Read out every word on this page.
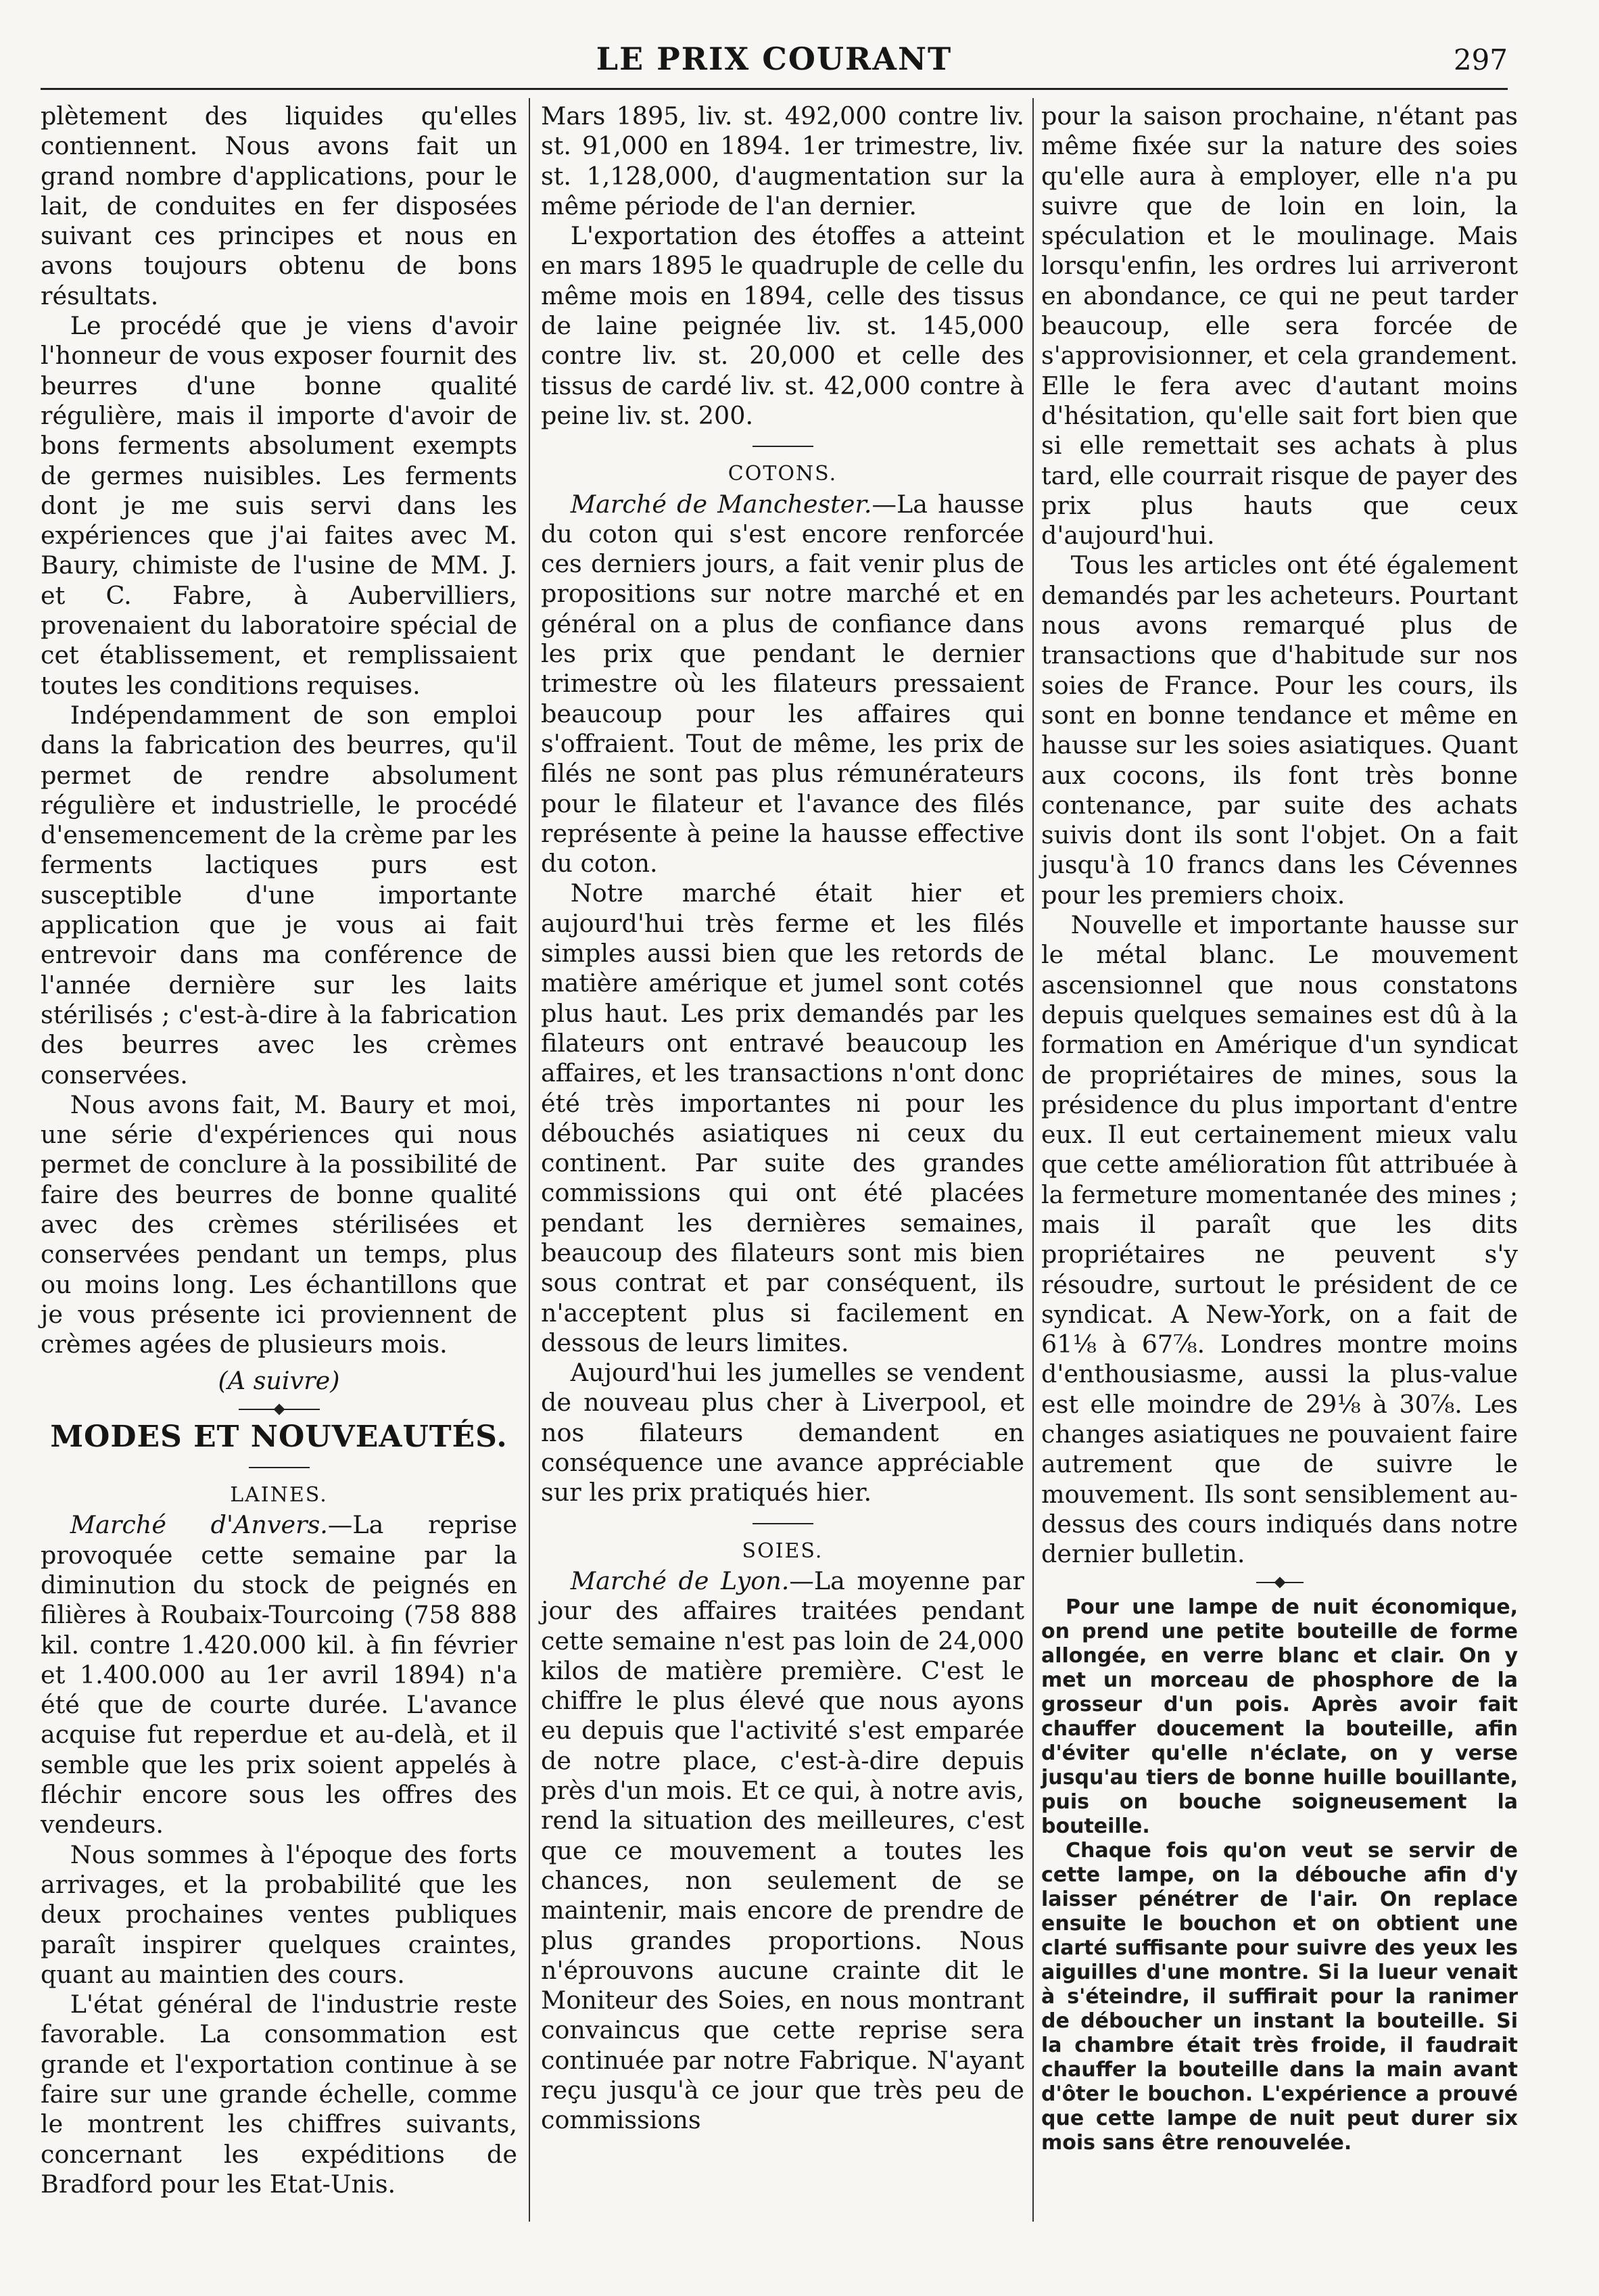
LE PRIX COURANT	297

plètement des liquides qu'elles contiennent. Nous avons fait un grand nombre d'applications, pour le lait, de conduites en fer disposées suivant ces principes et nous en avons toujours obtenu de bons résultats.

Le procédé que je viens d'avoir l'honneur de vous exposer fournit des beurres d'une bonne qualité régulière, mais il importe d'avoir de bons ferments absolument exempts de germes nuisibles. Les ferments dont je me suis servi dans les expériences que j'ai faites avec M. Baury, chimiste de l'usine de MM. J. et C. Fabre, à Aubervilliers, provenaient du laboratoire spécial de cet établissement, et remplissaient toutes les conditions requises.

Indépendamment de son emploi dans la fabrication des beurres, qu'il permet de rendre absolument régulière et industrielle, le procédé d'ensemencement de la crème par les ferments lactiques purs est susceptible d'une importante application que je vous ai fait entrevoir dans ma conférence de l'année dernière sur les laits stérilisés ; c'est-à-dire à la fabrication des beurres avec les crèmes conservées.

Nous avons fait, M. Baury et moi, une série d'expériences qui nous permet de conclure à la possibilité de faire des beurres de bonne qualité avec des crèmes stérilisées et conservées pendant un temps, plus ou moins long. Les échantillons que je vous présente ici proviennent de crèmes agées de plusieurs mois.

(A suivre)

MODES ET NOUVEAUTÉS.

LAINES.

Marché d'Anvers.—La reprise provoquée cette semaine par la diminution du stock de peignés en filières à Roubaix-Tourcoing (758 888 kil. contre 1.420.000 kil. à fin février et 1.400.000 au 1er avril 1894) n'a été que de courte durée. L'avance acquise fut reperdue et au-delà, et il semble que les prix soient appelés à fléchir encore sous les offres des vendeurs.

Nous sommes à l'époque des forts arrivages, et la probabilité que les deux prochaines ventes publiques paraît inspirer quelques craintes, quant au maintien des cours.

L'état général de l'industrie reste favorable. La consommation est grande et l'exportation continue à se faire sur une grande échelle, comme le montrent les chiffres suivants, concernant les expéditions de Bradford pour les Etat-Unis.

Mars 1895, liv. st. 492,000 contre liv. st. 91,000 en 1894. 1er trimestre, liv. st. 1,128,000, d'augmentation sur la même période de l'an dernier.

L'exportation des étoffes a atteint en mars 1895 le quadruple de celle du même mois en 1894, celle des tissus de laine peignée liv. st. 145,000 contre liv. st. 20,000 et celle des tissus de cardé liv. st. 42,000 contre à peine liv. st. 200.

COTONS.

Marché de Manchester.—La hausse du coton qui s'est encore renforcée ces derniers jours, a fait venir plus de propositions sur notre marché et en général on a plus de confiance dans les prix que pendant le dernier trimestre où les filateurs pressaient beaucoup pour les affaires qui s'offraient. Tout de même, les prix de filés ne sont pas plus rémunérateurs pour le filateur et l'avance des filés représente à peine la hausse effective du coton.

Notre marché était hier et aujourd'hui très ferme et les filés simples aussi bien que les retords de matière amérique et jumel sont cotés plus haut. Les prix demandés par les filateurs ont entravé beaucoup les affaires, et les transactions n'ont donc été très importantes ni pour les débouchés asiatiques ni ceux du continent. Par suite des grandes commissions qui ont été placées pendant les dernières semaines, beaucoup des filateurs sont mis bien sous contrat et par conséquent, ils n'acceptent plus si facilement en dessous de leurs limites.

Aujourd'hui les jumelles se vendent de nouveau plus cher à Liverpool, et nos filateurs demandent en conséquence une avance appréciable sur les prix pratiqués hier.

SOIES.

Marché de Lyon.—La moyenne par jour des affaires traitées pendant cette semaine n'est pas loin de 24,000 kilos de matière première. C'est le chiffre le plus élevé que nous ayons eu depuis que l'activité s'est emparée de notre place, c'est-à-dire depuis près d'un mois. Et ce qui, à notre avis, rend la situation des meilleures, c'est que ce mouvement a toutes les chances, non seulement de se maintenir, mais encore de prendre de plus grandes proportions. Nous n'éprouvons aucune crainte dit le Moniteur des Soies, en nous montrant convaincus que cette reprise sera continuée par notre Fabrique. N'ayant reçu jusqu'à ce jour que très peu de commissions

pour la saison prochaine, n'étant pas même fixée sur la nature des soies qu'elle aura à employer, elle n'a pu suivre que de loin en loin, la spéculation et le moulinage. Mais lorsqu'enfin, les ordres lui arriveront en abondance, ce qui ne peut tarder beaucoup, elle sera forcée de s'approvisionner, et cela grandement. Elle le fera avec d'autant moins d'hésitation, qu'elle sait fort bien que si elle remettait ses achats à plus tard, elle courrait risque de payer des prix plus hauts que ceux d'aujourd'hui.

Tous les articles ont été également demandés par les acheteurs. Pourtant nous avons remarqué plus de transactions que d'habitude sur nos soies de France. Pour les cours, ils sont en bonne tendance et même en hausse sur les soies asiatiques. Quant aux cocons, ils font très bonne contenance, par suite des achats suivis dont ils sont l'objet. On a fait jusqu'à 10 francs dans les Cévennes pour les premiers choix.

Nouvelle et importante hausse sur le métal blanc. Le mouvement ascensionnel que nous constatons depuis quelques semaines est dû à la formation en Amérique d'un syndicat de propriétaires de mines, sous la présidence du plus important d'entre eux. Il eut certainement mieux valu que cette amélioration fût attribuée à la fermeture momentanée des mines ; mais il paraît que les dits propriétaires ne peuvent s'y résoudre, surtout le président de ce syndicat. A New-York, on a fait de 61⅛ à 67⅞. Londres montre moins d'enthousiasme, aussi la plus-value est elle moindre de 29⅛ à 30⅞. Les changes asiatiques ne pouvaient faire autrement que de suivre le mouvement. Ils sont sensiblement au-dessus des cours indiqués dans notre dernier bulletin.

Pour une lampe de nuit économique, on prend une petite bouteille de forme allongée, en verre blanc et clair. On y met un morceau de phosphore de la grosseur d'un pois. Après avoir fait chauffer doucement la bouteille, afin d'éviter qu'elle n'éclate, on y verse jusqu'au tiers de bonne huille bouillante, puis on bouche soigneusement la bouteille.

Chaque fois qu'on veut se servir de cette lampe, on la débouche afin d'y laisser pénétrer de l'air. On replace ensuite le bouchon et on obtient une clarté suffisante pour suivre des yeux les aiguilles d'une montre. Si la lueur venait à s'éteindre, il suffirait pour la ranimer de déboucher un instant la bouteille. Si la chambre était très froide, il faudrait chauffer la bouteille dans la main avant d'ôter le bouchon. L'expérience a prouvé que cette lampe de nuit peut durer six mois sans être renouvelée.
